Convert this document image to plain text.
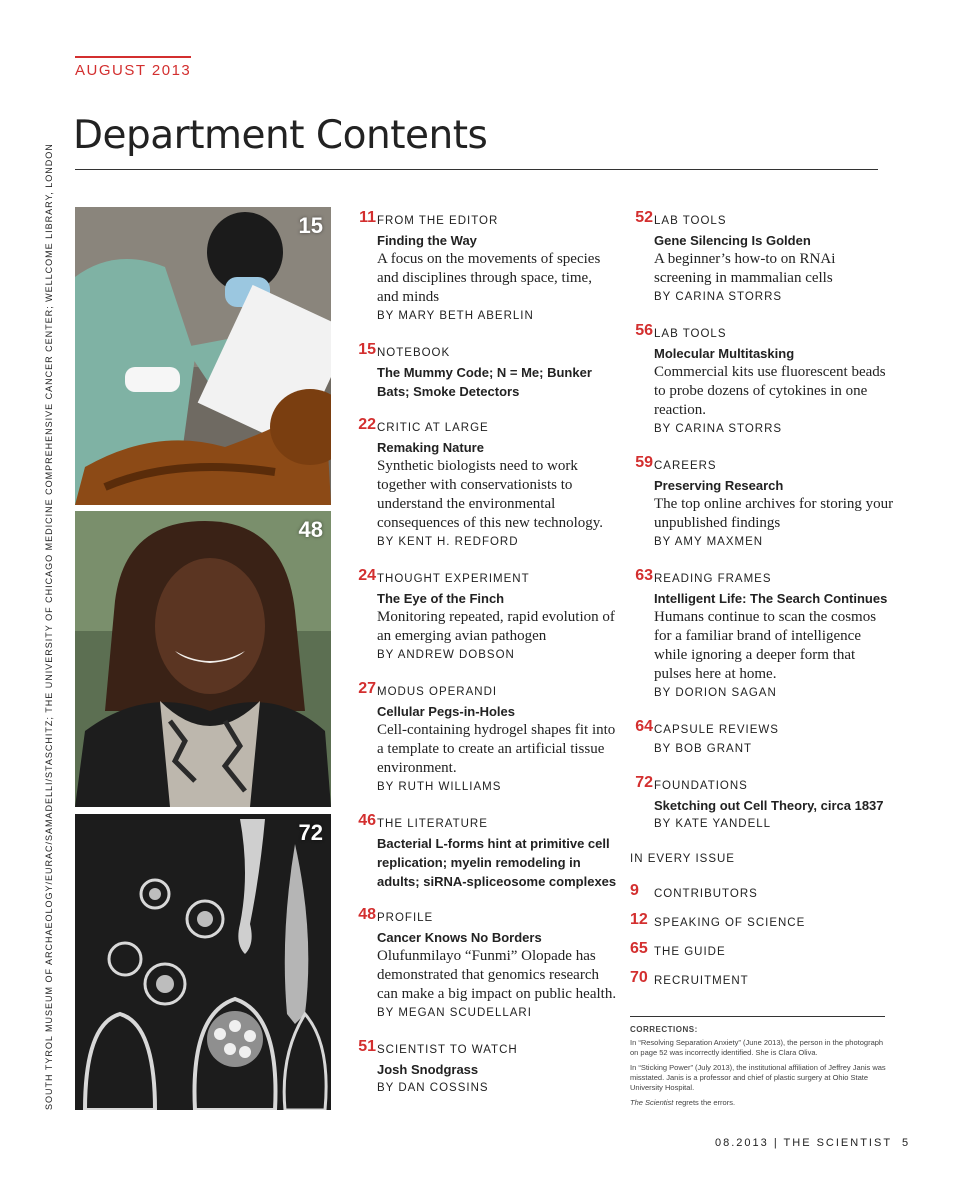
AUGUST 2013
Department Contents
SOUTH TYROL MUSEUM OF ARCHAEOLOGY/EURAC/SAMADELLI/STASCHITZ; THE UNIVERSITY OF CHICAGO MEDICINE COMPREHENSIVE CANCER CENTER; WELLCOME LIBRARY, LONDON	15
48
72
11 FROM THE EDITOR
Finding the Way
A focus on the movements of species and disciplines through space, time, and minds
BY MARY BETH ABERLIN
15 NOTEBOOK
The Mummy Code; N = Me; Bunker Bats; Smoke Detectors
22 CRITIC AT LARGE
Remaking Nature
Synthetic biologists need to work together with conservationists to understand the environmental consequences of this new technology.
BY KENT H. REDFORD
24 THOUGHT EXPERIMENT
The Eye of the Finch
Monitoring repeated, rapid evolution of an emerging avian pathogen
BY ANDREW DOBSON
27 MODUS OPERANDI
Cellular Pegs-in-Holes
Cell-containing hydrogel shapes fit into a template to create an artificial tissue environment.
BY RUTH WILLIAMS
46 THE LITERATURE
Bacterial L-forms hint at primitive cell replication; myelin remodeling in adults; siRNA-spliceosome complexes
48 PROFILE
Cancer Knows No Borders
Olufunmilayo “Funmi” Olopade has demonstrated that genomics research can make a big impact on public health.
BY MEGAN SCUDELLARI
51 SCIENTIST TO WATCH
Josh Snodgrass
BY DAN COSSINS
52 LAB TOOLS
Gene Silencing Is Golden
A beginner’s how-to on RNAi screening in mammalian cells
BY CARINA STORRS
56 LAB TOOLS
Molecular Multitasking
Commercial kits use fluorescent beads to probe dozens of cytokines in one reaction.
BY CARINA STORRS
59 CAREERS
Preserving Research
The top online archives for storing your unpublished findings
BY AMY MAXMEN
63 READING FRAMES
Intelligent Life: The Search Continues
Humans continue to scan the cosmos for a familiar brand of intelligence while ignoring a deeper form that pulses here at home.
BY DORION SAGAN
64 CAPSULE REVIEWS
BY BOB GRANT
72 FOUNDATIONS
Sketching out Cell Theory, circa 1837
BY KATE YANDELL
IN EVERY ISSUE
9 CONTRIBUTORS
12 SPEAKING OF SCIENCE
65 THE GUIDE
70 RECRUITMENT

CORRECTIONS:

In “Resolving Separation Anxiety” (June 2013), the person in the photograph on page 52 was incorrectly identified. She is Clara Oliva.

In “Sticking Power” (July 2013), the institutional affiliation of Jeffrey Janis was misstated. Janis is a professor and chief of plastic surgery at Ohio State University Hospital.

The Scientist regrets the errors.

08.2013 | THE SCIENTIST  5
